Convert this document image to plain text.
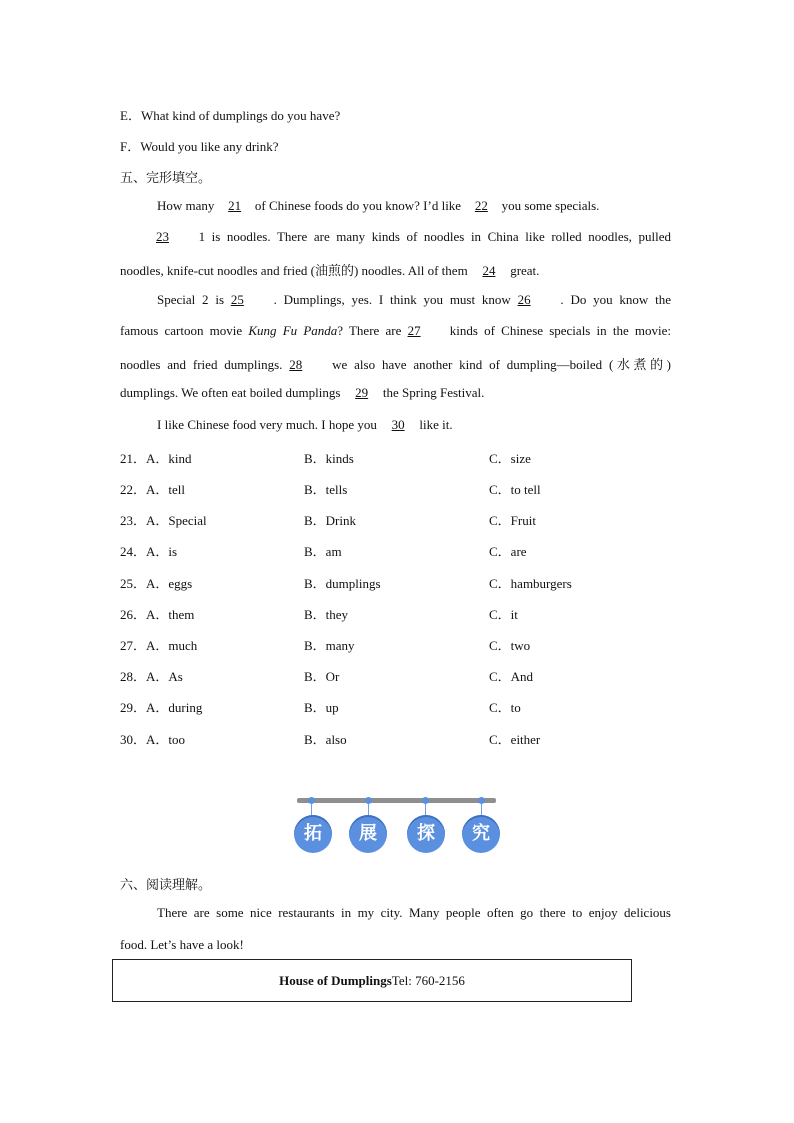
E．What kind of dumplings do you have?
F．Would you like any drink?
五、完形填空。
How many 21 of Chinese foods do you know? I’d like 22 you some specials.
23 1 is noodles. There are many kinds of noodles in China like rolled noodles, pulled
noodles, knife-cut noodles and fried (油煎的) noodles. All of them 24 great.
Special 2 is 25 . Dumplings, yes. I think you must know 26 . Do you know the
famous cartoon movie Kung Fu Panda? There are 27 kinds of Chinese specials in the movie:
noodles and fried dumplings. 28 we also have another kind of dumpling—boiled (水煮的)
dumplings. We often eat boiled dumplings 29 the Spring Festival.
I like Chinese food very much. I hope you 30 like it.
21．A．kind	B．kinds	C．size
22．A．tell	B．tells	C．to tell
23．A．Special	B．Drink	C．Fruit
24．A．is	B．am	C．are
25．A．eggs	B．dumplings	C．hamburgers
26．A．them	B．they	C．it
27．A．much	B．many	C．two
28．A．As	B．Or	C．And
29．A．during	B．up	C．to
30．A．too	B．also	C．either
拓	展	探	究
六、阅读理解。
There are some nice restaurants in my city. Many people often go there to enjoy delicious
food. Let’s have a look!
House of DumplingsTel: 760-2156
